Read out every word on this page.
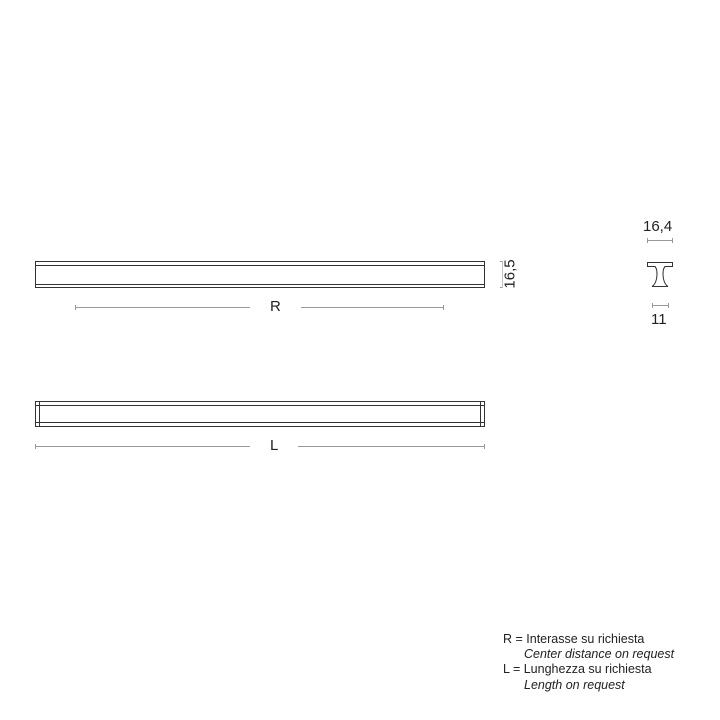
16,4
11
16,5
R
L
R = Interasse su richiesta
Center distance on request
L = Lunghezza su richiesta
Length on request
